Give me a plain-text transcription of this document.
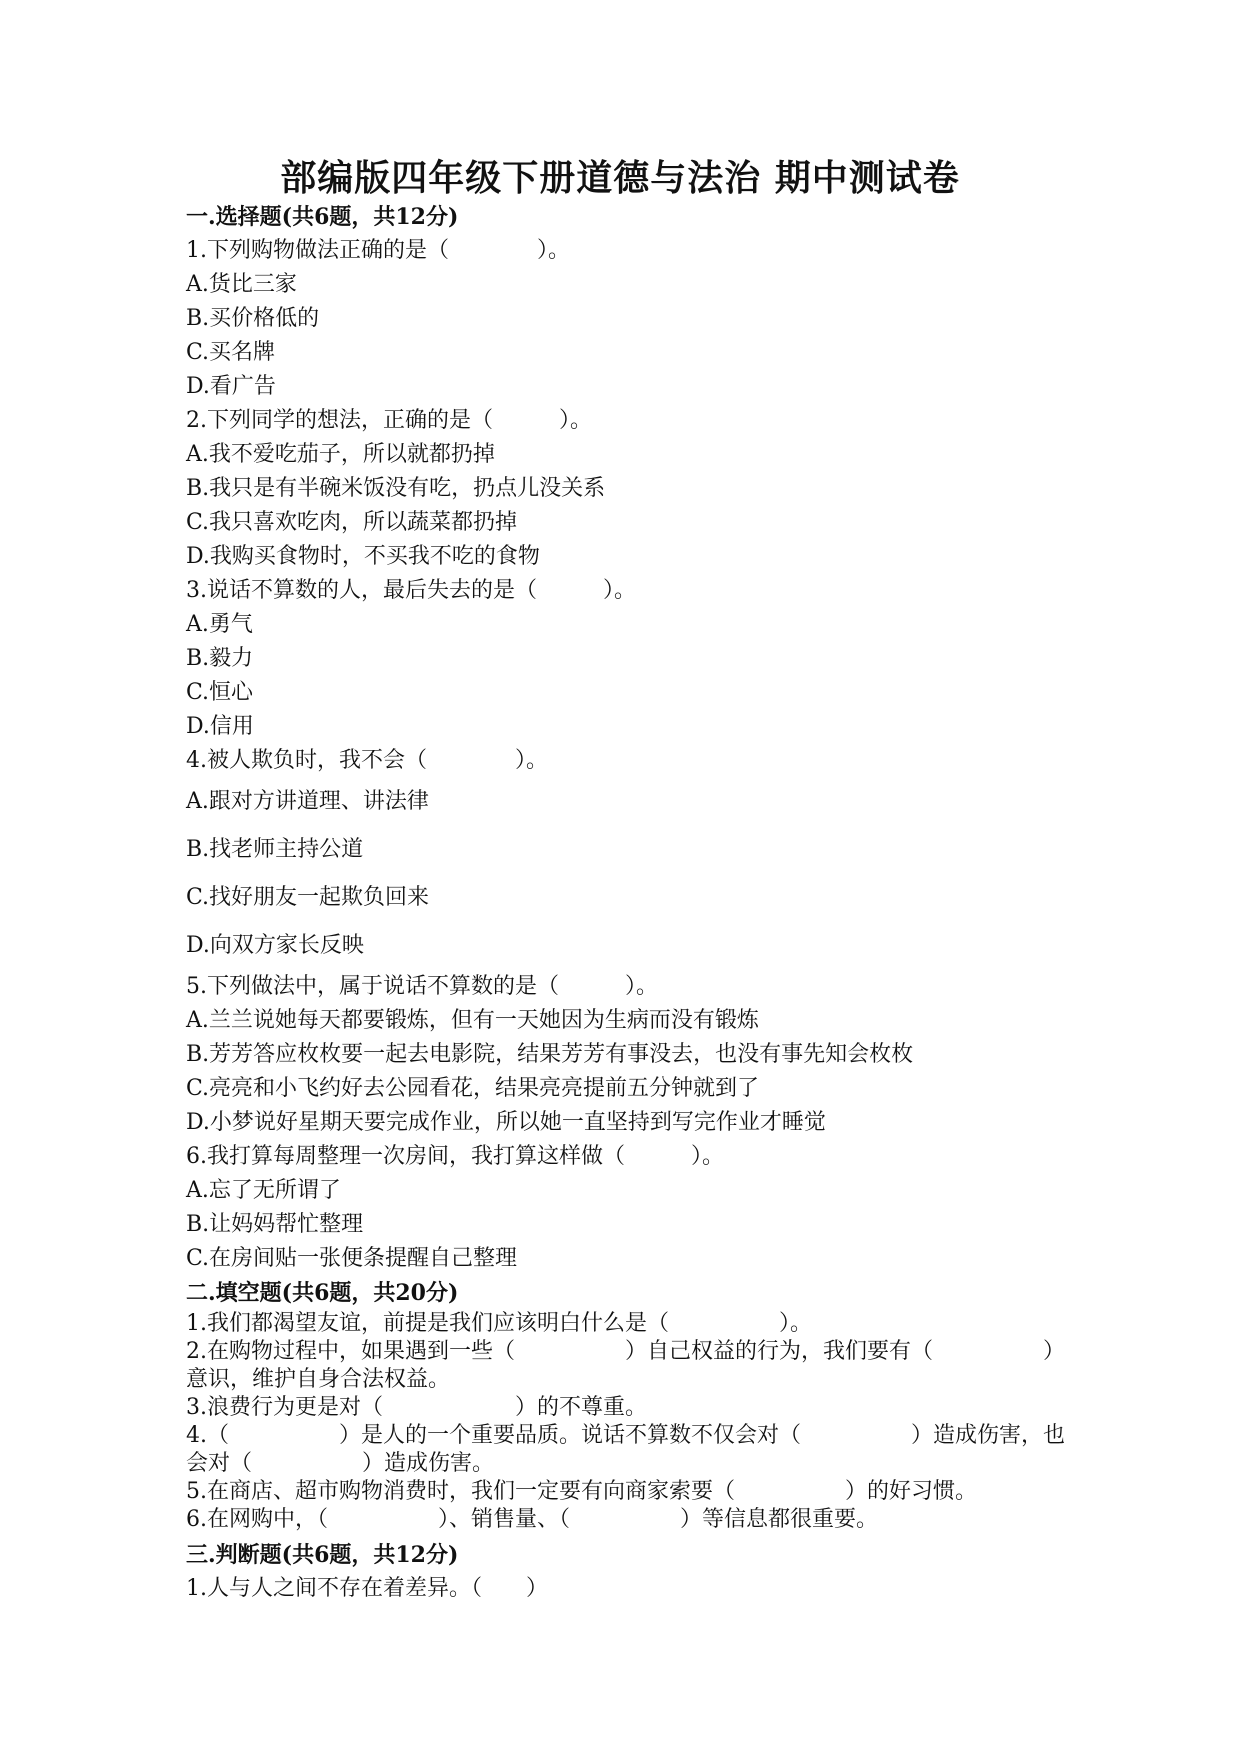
部编版四年级下册道德与法治 期中测试卷
一.选择题(共6题，共12分)
1.下列购物做法正确的是（　　　　）。
A.货比三家
B.买价格低的
C.买名牌
D.看广告
2.下列同学的想法，正确的是（　　　）。
A.我不爱吃茄子，所以就都扔掉
B.我只是有半碗米饭没有吃，扔点儿没关系
C.我只喜欢吃肉，所以蔬菜都扔掉
D.我购买食物时，不买我不吃的食物
3.说话不算数的人，最后失去的是（　　　）。
A.勇气
B.毅力
C.恒心
D.信用
4.被人欺负时，我不会（　　　　）。
A.跟对方讲道理、讲法律
B.找老师主持公道
C.找好朋友一起欺负回来
D.向双方家长反映
5.下列做法中，属于说话不算数的是（　　　）。
A.兰兰说她每天都要锻炼，但有一天她因为生病而没有锻炼
B.芳芳答应枚枚要一起去电影院，结果芳芳有事没去，也没有事先知会枚枚
C.亮亮和小飞约好去公园看花，结果亮亮提前五分钟就到了
D.小梦说好星期天要完成作业，所以她一直坚持到写完作业才睡觉
6.我打算每周整理一次房间，我打算这样做（　　　）。
A.忘了无所谓了
B.让妈妈帮忙整理
C.在房间贴一张便条提醒自己整理
二.填空题(共6题，共20分)
1.我们都渴望友谊，前提是我们应该明白什么是（　　　　　）。
2.在购物过程中，如果遇到一些（　　　　　）自己权益的行为，我们要有（　　　　　）意识，维护自身合法权益。
3.浪费行为更是对（　　　　　　）的不尊重。
4.（　　　　　）是人的一个重要品质。说话不算数不仅会对（　　　　　）造成伤害，也会对（　　　　　）造成伤害。
5.在商店、超市购物消费时，我们一定要有向商家索要（　　　　　）的好习惯。
6.在网购中，（　　　　　）、销售量、（　　　　　）等信息都很重要。
三.判断题(共6题，共12分)
1.人与人之间不存在着差异。（　　）
